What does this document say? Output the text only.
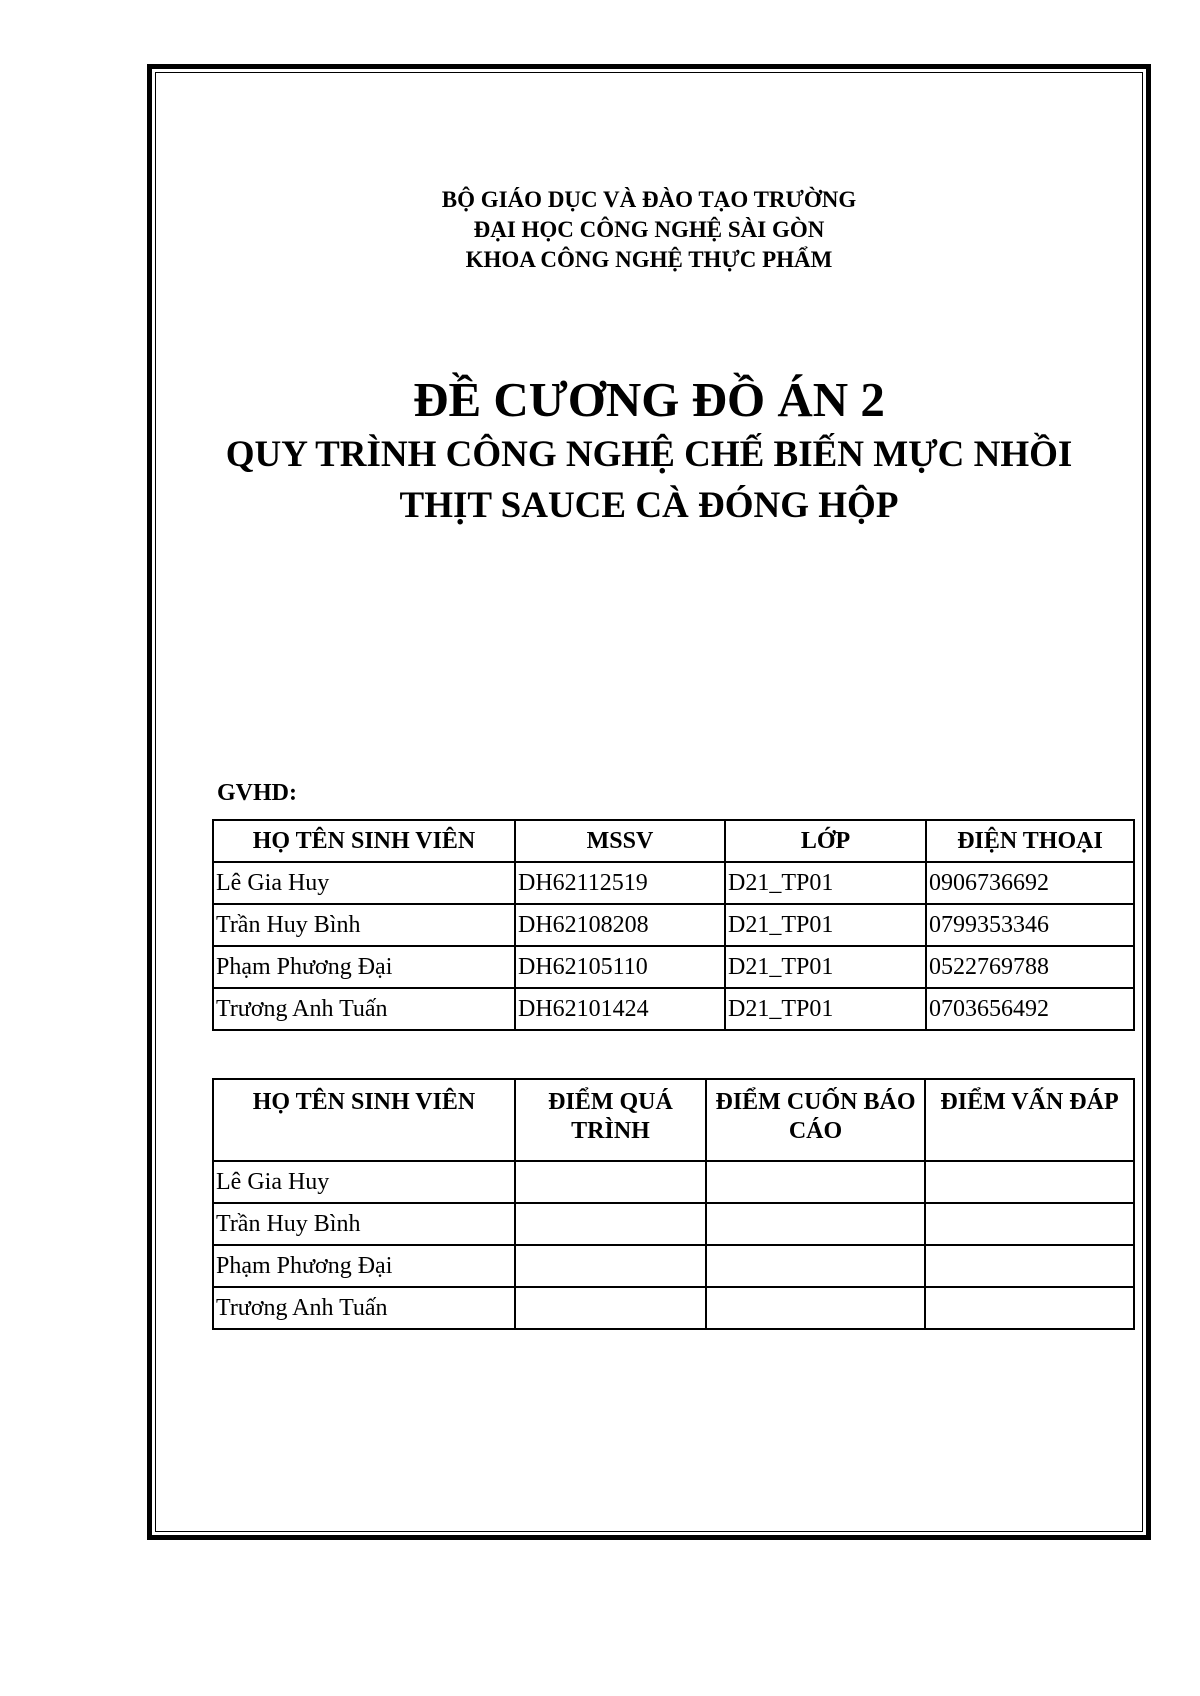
BỘ GIÁO DỤC VÀ ĐÀO TẠO TRƯỜNG
ĐẠI HỌC CÔNG NGHỆ SÀI GÒN
KHOA CÔNG NGHỆ THỰC PHẨM
ĐỀ CƯƠNG ĐỒ ÁN 2
QUY TRÌNH CÔNG NGHỆ CHẾ BIẾN MỰC NHỒI
THỊT SAUCE CÀ ĐÓNG HỘP
GVHD:
HỌ TÊN SINH VIÊN	MSSV	LỚP	ĐIỆN THOẠI
Lê Gia Huy	DH62112519	D21_TP01	0906736692
Trần Huy Bình	DH62108208	D21_TP01	0799353346
Phạm Phương Đại	DH62105110	D21_TP01	0522769788
Trương Anh Tuấn	DH62101424	D21_TP01	0703656492
HỌ TÊN SINH VIÊN	ĐIỂM QUÁ TRÌNH	ĐIỂM CUỐN BÁO CÁO	ĐIỂM VẤN ĐÁP
Lê Gia Huy			
Trần Huy Bình			
Phạm Phương Đại			
Trương Anh Tuấn			
